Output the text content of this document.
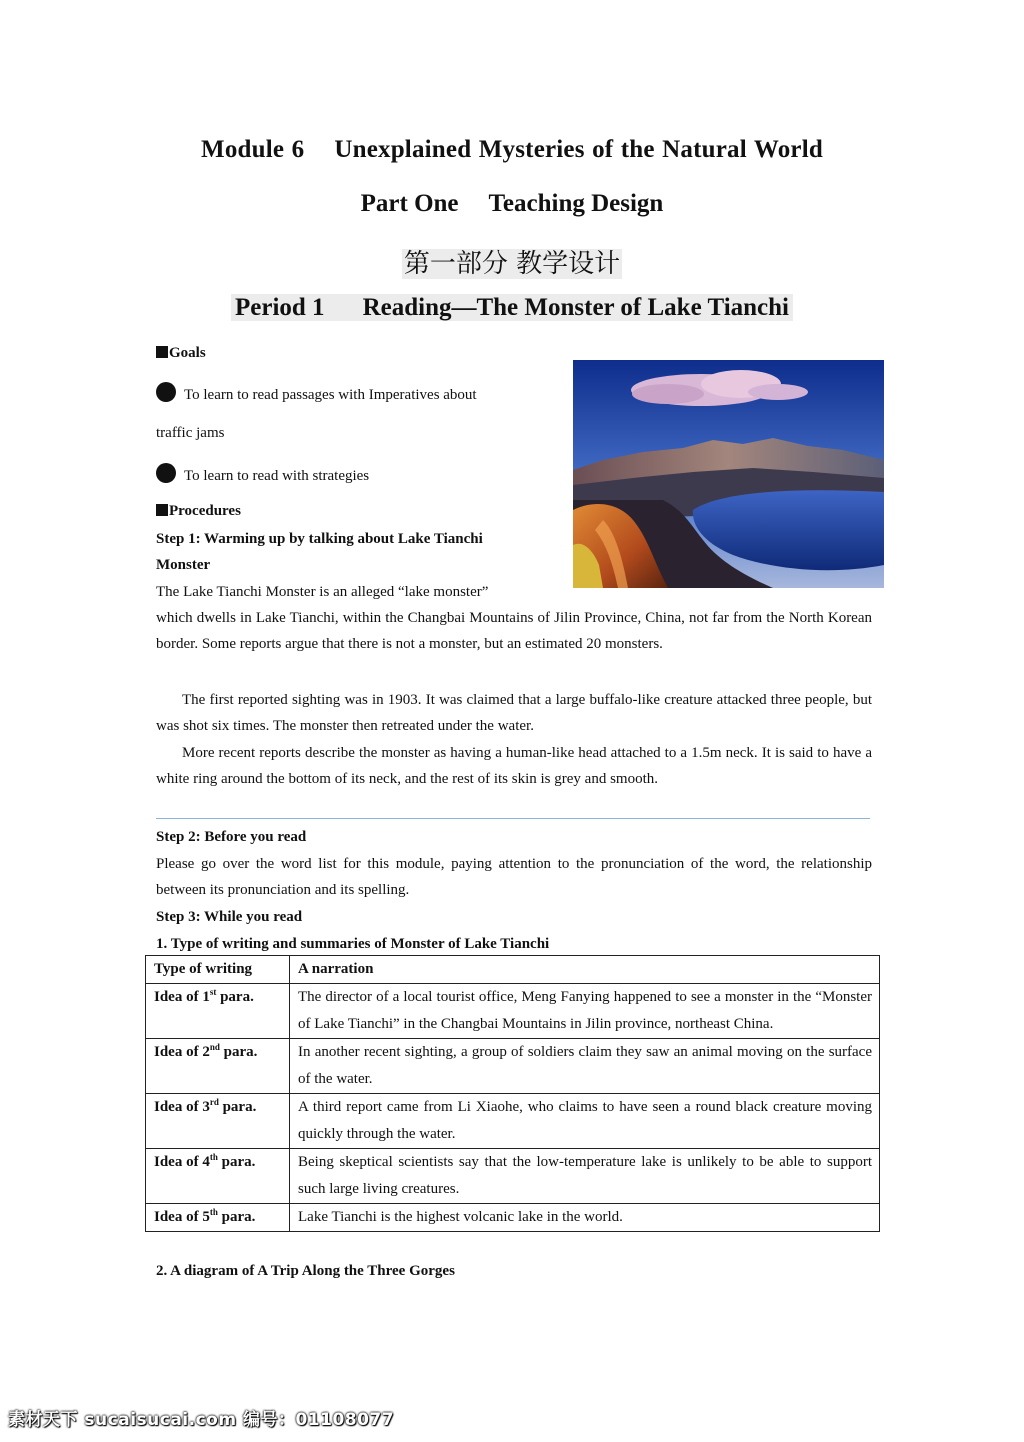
Module 6 Unexplained Mysteries of the Natural World
Part One Teaching Design
第一部分 教学设计
Period 1 Reading—The Monster of Lake Tianchi
Goals
To learn to read passages with Imperatives about
traffic jams
To learn to read with strategies
Procedures
Step 1: Warming up by talking about Lake Tianchi
Monster
The Lake Tianchi Monster is an alleged “lake monster”
which dwells in Lake Tianchi, within the Changbai Mountains of Jilin Province, China, not far from the North Korean border. Some reports argue that there is not a monster, but an estimated 20 monsters.
The first reported sighting was in 1903. It was claimed that a large buffalo-like creature attacked three people, but was shot six times. The monster then retreated under the water.
More recent reports describe the monster as having a human-like head attached to a 1.5m neck. It is said to have a white ring around the bottom of its neck, and the rest of its skin is grey and smooth.
Step 2: Before you read
Please go over the word list for this module, paying attention to the pronunciation of the word, the relationship between its pronunciation and its spelling.
Step 3: While you read
1. Type of writing and summaries of Monster of Lake Tianchi
Type of writing	A narration
Idea of 1st para.	The director of a local tourist office, Meng Fanying happened to see a monster in the “Monster of Lake Tianchi” in the Changbai Mountains in Jilin province, northeast China.
Idea of 2nd para.	In another recent sighting, a group of soldiers claim they saw an animal moving on the surface of the water.
Idea of 3rd para.	A third report came from Li Xiaohe, who claims to have seen a round black creature moving quickly through the water.
Idea of 4th para.	Being skeptical scientists say that the low-temperature lake is unlikely to be able to support such large living creatures.
Idea of 5th para.	Lake Tianchi is the highest volcanic lake in the world.
2. A diagram of A Trip Along the Three Gorges
素材天下 sucaisucai.com 编号：01108077
